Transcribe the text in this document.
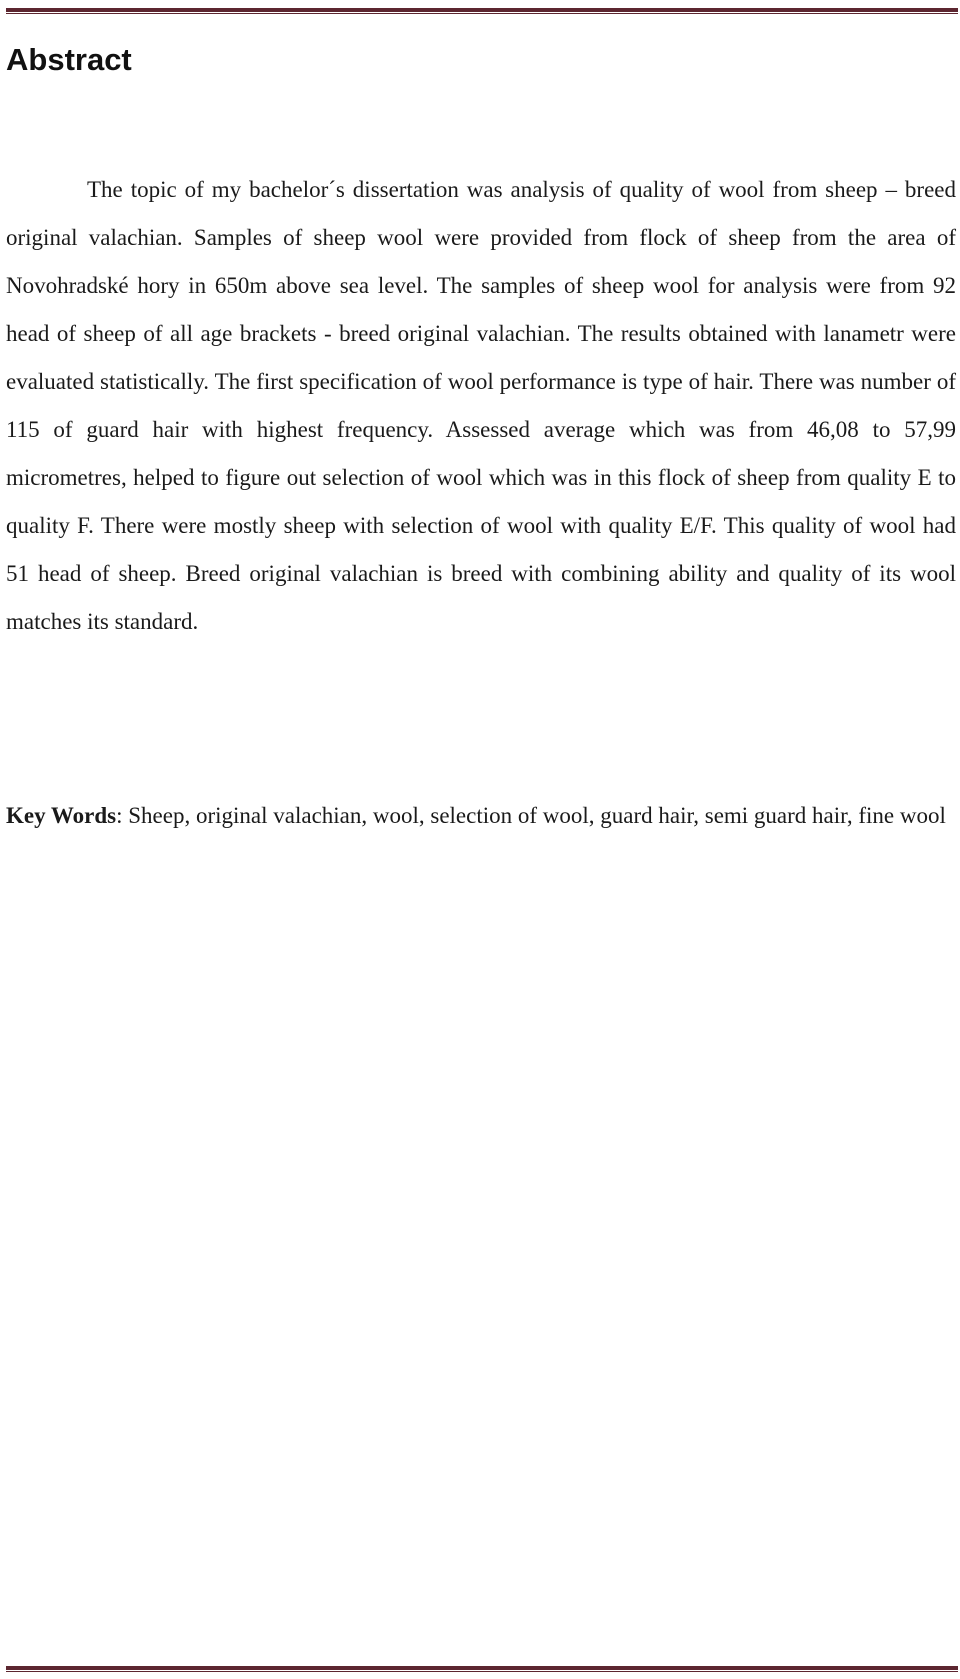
Abstract

The topic of my bachelor´s dissertation was analysis of quality of wool from sheep – breed original valachian. Samples of sheep wool were provided from flock of sheep from the area of Novohradské hory in 650m above sea level. The samples of sheep wool for analysis were from 92 head of sheep of all age brackets - breed original valachian. The results obtained with lanametr were evaluated statistically. The first specification of wool performance is type of hair. There was number of 115 of guard hair with highest frequency. Assessed average which was from 46,08 to 57,99 micrometres, helped to figure out selection of wool which was in this flock of sheep from quality E to quality F. There were mostly sheep with selection of wool with quality E/F. This quality of wool had 51 head of sheep. Breed original valachian is breed with combining ability and quality of its wool matches its standard.

Key Words: Sheep, original valachian, wool, selection of wool, guard hair, semi guard hair, fine wool
